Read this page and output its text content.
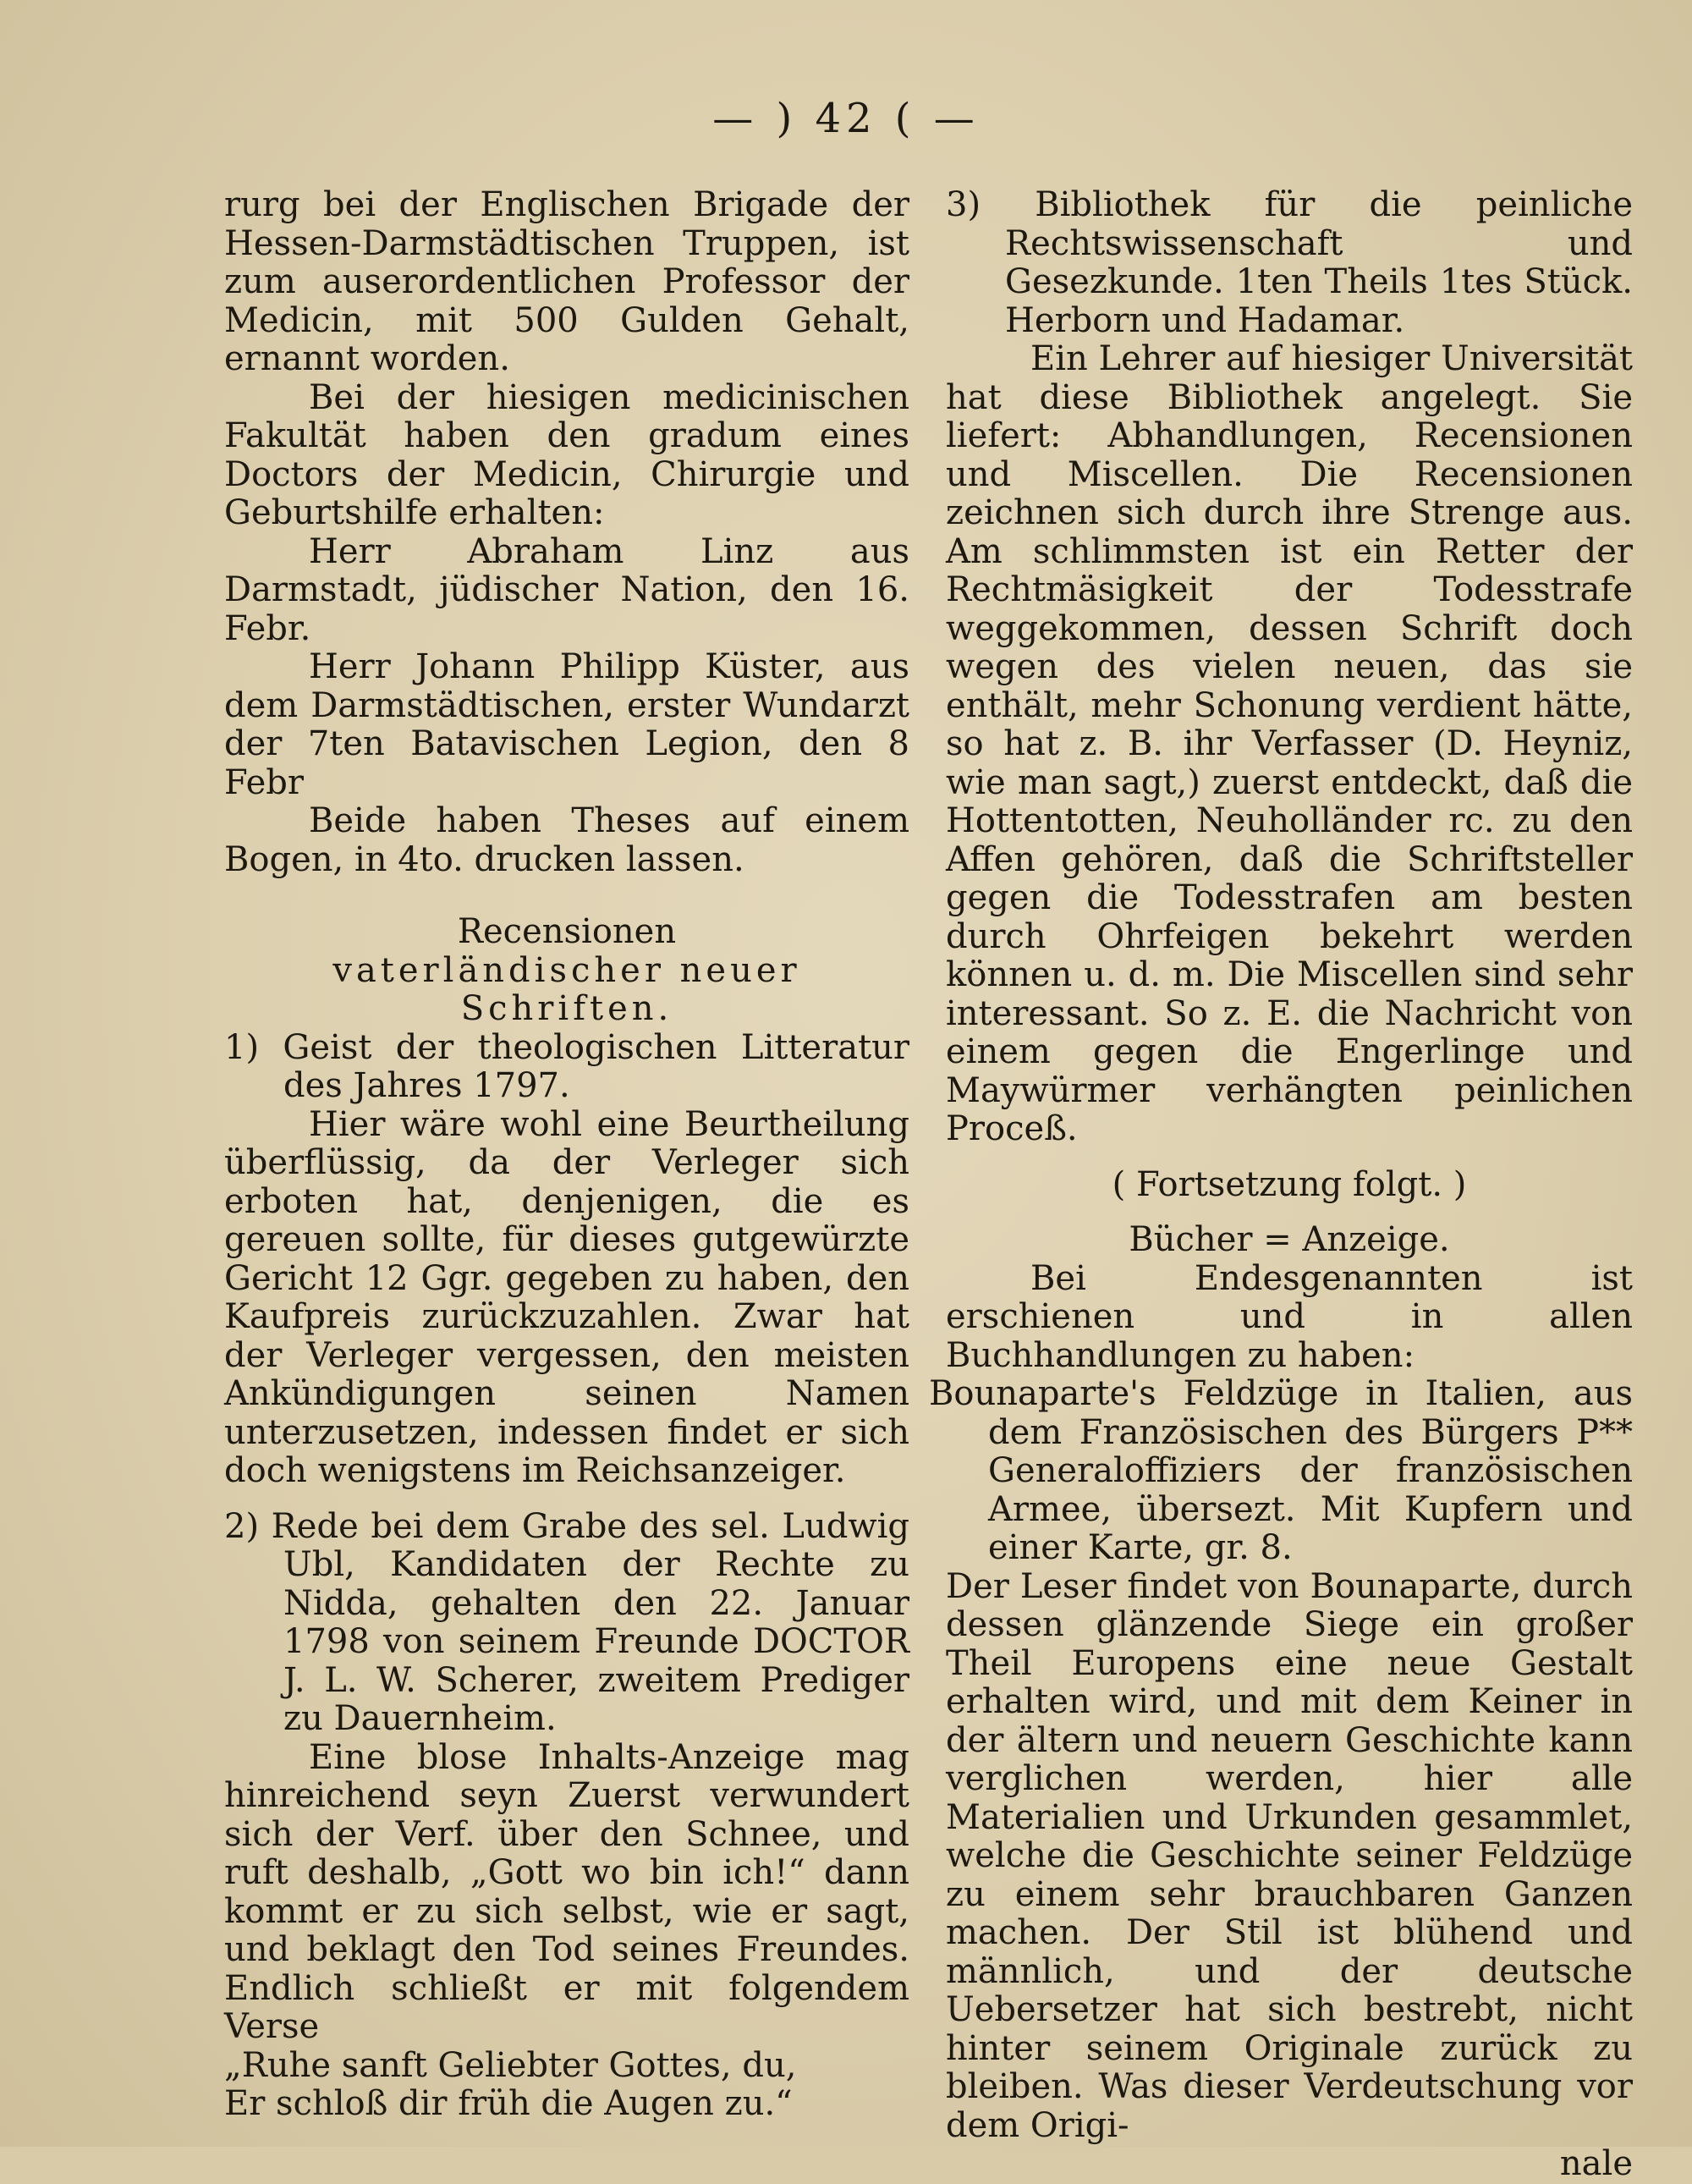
— ) 42 ( —

rurg bei der Englischen Brigade der Hessen-Darmstädtischen Truppen, ist zum auserordentlichen Professor der Medicin, mit 500 Gulden Gehalt, ernannt worden.

Bei der hiesigen medicinischen Fakultät haben den gradum eines Doctors der Medicin, Chirurgie und Geburtshilfe erhalten:

Herr Abraham Linz aus Darmstadt, jüdischer Nation, den 16. Febr.

Herr Johann Philipp Küster, aus dem Darmstädtischen, erster Wundarzt der 7ten Batavischen Legion, den 8 Febr

Beide haben Theses auf einem Bogen, in 4to. drucken lassen.

Recensionen

vaterländischer neuer Schriften.

1) Geist der theologischen Litteratur des Jahres 1797.

Hier wäre wohl eine Beurtheilung überflüssig, da der Verleger sich erboten hat, denjenigen, die es gereuen sollte, für dieses gutgewürzte Gericht 12 Ggr. gegeben zu haben, den Kaufpreis zurückzuzahlen. Zwar hat der Verleger vergessen, den meisten Ankündigungen seinen Namen unterzusetzen, indessen findet er sich doch wenigstens im Reichsanzeiger.

2) Rede bei dem Grabe des sel. Ludwig Ubl, Kandidaten der Rechte zu Nidda, gehalten den 22. Januar 1798 von seinem Freunde DOCTOR J. L. W. Scherer, zweitem Prediger zu Dauernheim.

Eine blose Inhalts-Anzeige mag hinreichend seyn Zuerst verwundert sich der Verf. über den Schnee, und ruft deshalb, „Gott wo bin ich!“ dann kommt er zu sich selbst, wie er sagt, und beklagt den Tod seines Freundes. Endlich schließt er mit folgendem Verse

„Ruhe sanft Geliebter Gottes, du,

Er schloß dir früh die Augen zu.“

3) Bibliothek für die peinliche Rechtswissenschaft und Gesezkunde. 1ten Theils 1tes Stück. Herborn und Hadamar.

Ein Lehrer auf hiesiger Universität hat diese Bibliothek angelegt. Sie liefert: Abhandlungen, Recensionen und Miscellen. Die Recensionen zeichnen sich durch ihre Strenge aus. Am schlimmsten ist ein Retter der Rechtmäsigkeit der Todesstrafe weggekommen, dessen Schrift doch wegen des vielen neuen, das sie enthält, mehr Schonung verdient hätte, so hat z. B. ihr Verfasser (D. Heyniz, wie man sagt,) zuerst entdeckt, daß die Hottentotten, Neuholländer rc. zu den Affen gehören, daß die Schriftsteller gegen die Todesstrafen am besten durch Ohrfeigen bekehrt werden können u. d. m. Die Miscellen sind sehr interessant. So z. E. die Nachricht von einem gegen die Engerlinge und Maywürmer verhängten peinlichen Proceß.

( Fortsetzung folgt. )

Bücher = Anzeige.

Bei Endesgenannten ist erschienen und in allen Buchhandlungen zu haben:

Bounaparte's Feldzüge in Italien, aus dem Französischen des Bürgers P** Generaloffiziers der französischen Armee, übersezt. Mit Kupfern und einer Karte, gr. 8.

Der Leser findet von Bounaparte, durch dessen glänzende Siege ein großer Theil Europens eine neue Gestalt erhalten wird, und mit dem Keiner in der ältern und neuern Geschichte kann verglichen werden, hier alle Materialien und Urkunden gesammlet, welche die Geschichte seiner Feldzüge zu einem sehr brauchbaren Ganzen machen. Der Stil ist blühend und männlich, und der deutsche Uebersetzer hat sich bestrebt, nicht hinter seinem Originale zurück zu bleiben. Was dieser Verdeutschung vor dem Origi-

nale
